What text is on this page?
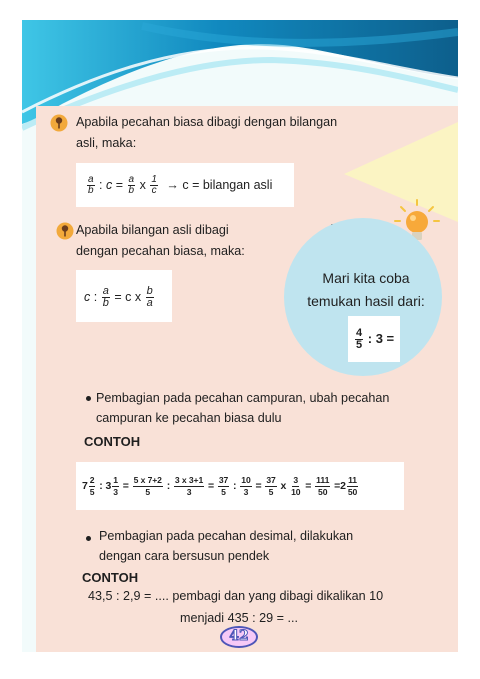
Apabila pecahan biasa dibagi dengan bilangan
asli, maka:
$\frac{a}{b}$ : $c = \frac{a}{b}$ x $\frac{1}{c} \to c$ = bilangan asli
Apabila bilangan asli dibagi
dengan pecahan biasa, maka:
c : $\frac{a}{b} = c$ x $\frac{b}{a}$
Mari kita coba
temukan hasil dari:
$\frac{4}{5}$ : 3 =
Pembagian pada pecahan campuran, ubah pecahan
campuran ke pecahan biasa dulu
CONTOH
$7 \frac{2}{5}$ : $3 \frac{1}{3} = \frac{5 x 7+2}{5}$ : $\frac{3 x 3+1}{3} = \frac{37}{5}$ : $\frac{10}{3} = \frac{37}{5}$ x $\frac{3}{10} = \frac{111}{50} =2 \frac{11}{50}$
Pembagian pada pecahan desimal, dilakukan
dengan cara bersusun pendek
CONTOH
43,5 : 2,9 = .... pembagi dan yang dibagi dikalikan 10
menjadi 435 : 29 = ...
42
